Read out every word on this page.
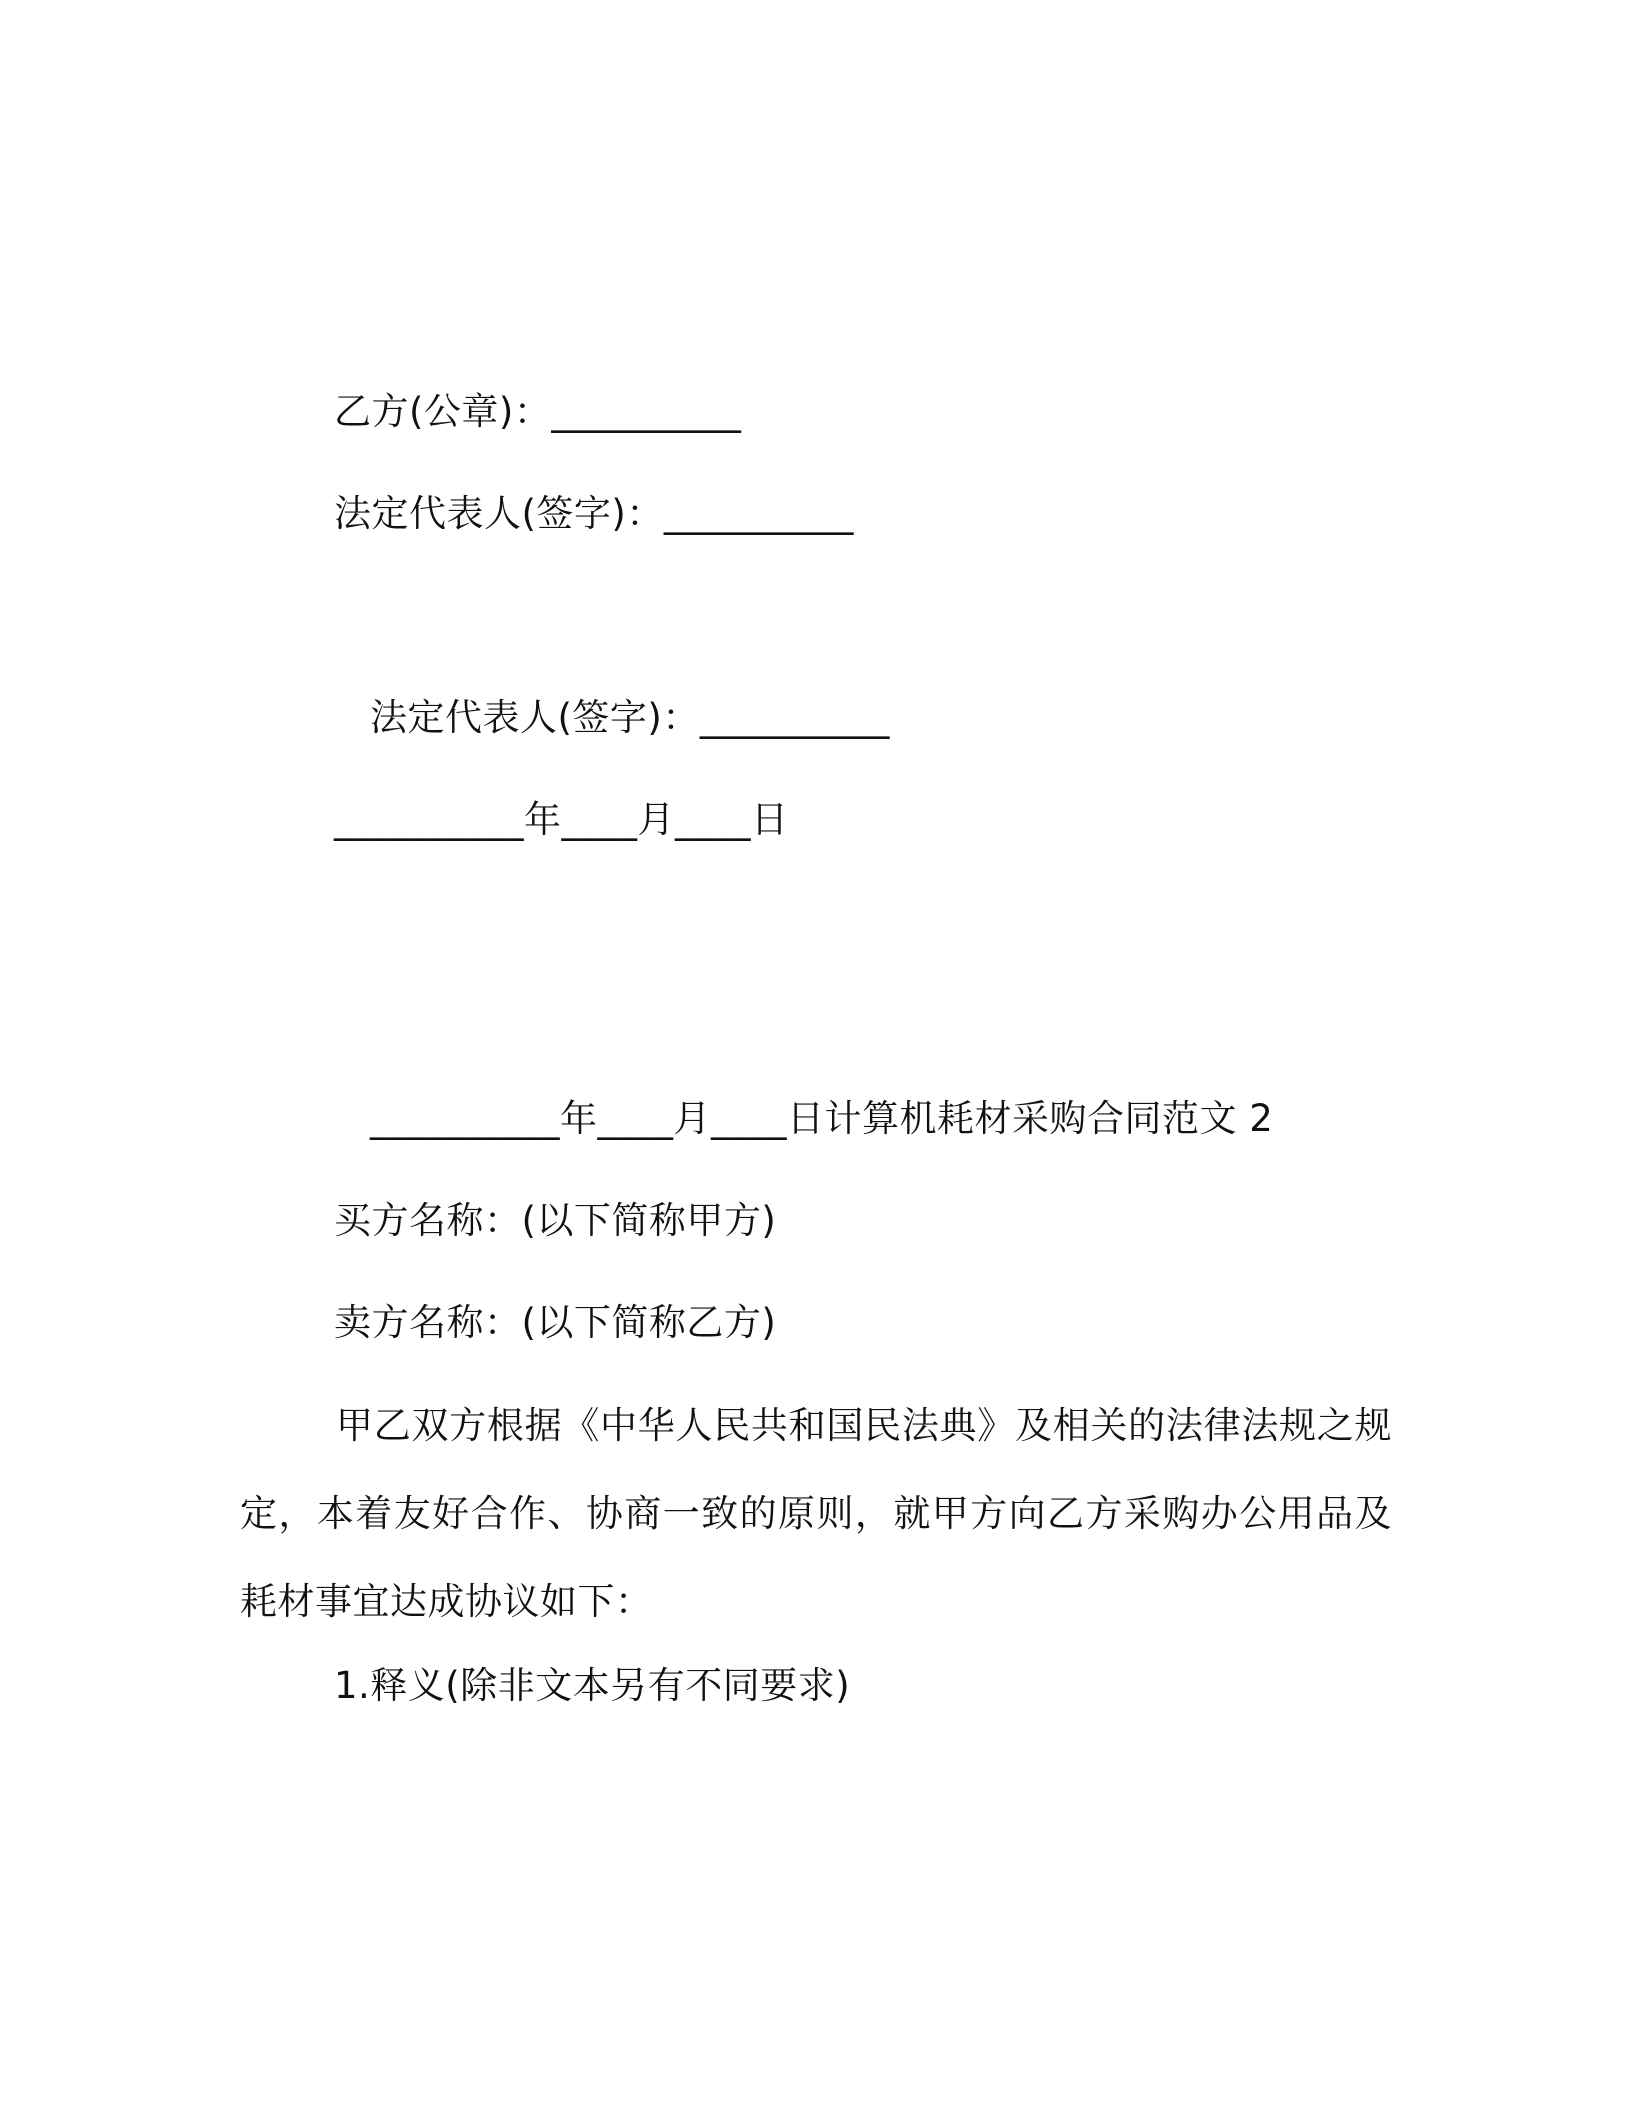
乙方(公章)：__________
法定代表人(签字)：__________
法定代表人(签字)：__________
__________年____月____日
__________年____月____日计算机耗材采购合同范文 2
买方名称：(以下简称甲方)
卖方名称：(以下简称乙方)
甲乙双方根据《中华人民共和国民法典》及相关的法律法规之规定，本着友好合作、协商一致的原则，就甲方向乙方采购办公用品及耗材事宜达成协议如下：
1.释义(除非文本另有不同要求)
